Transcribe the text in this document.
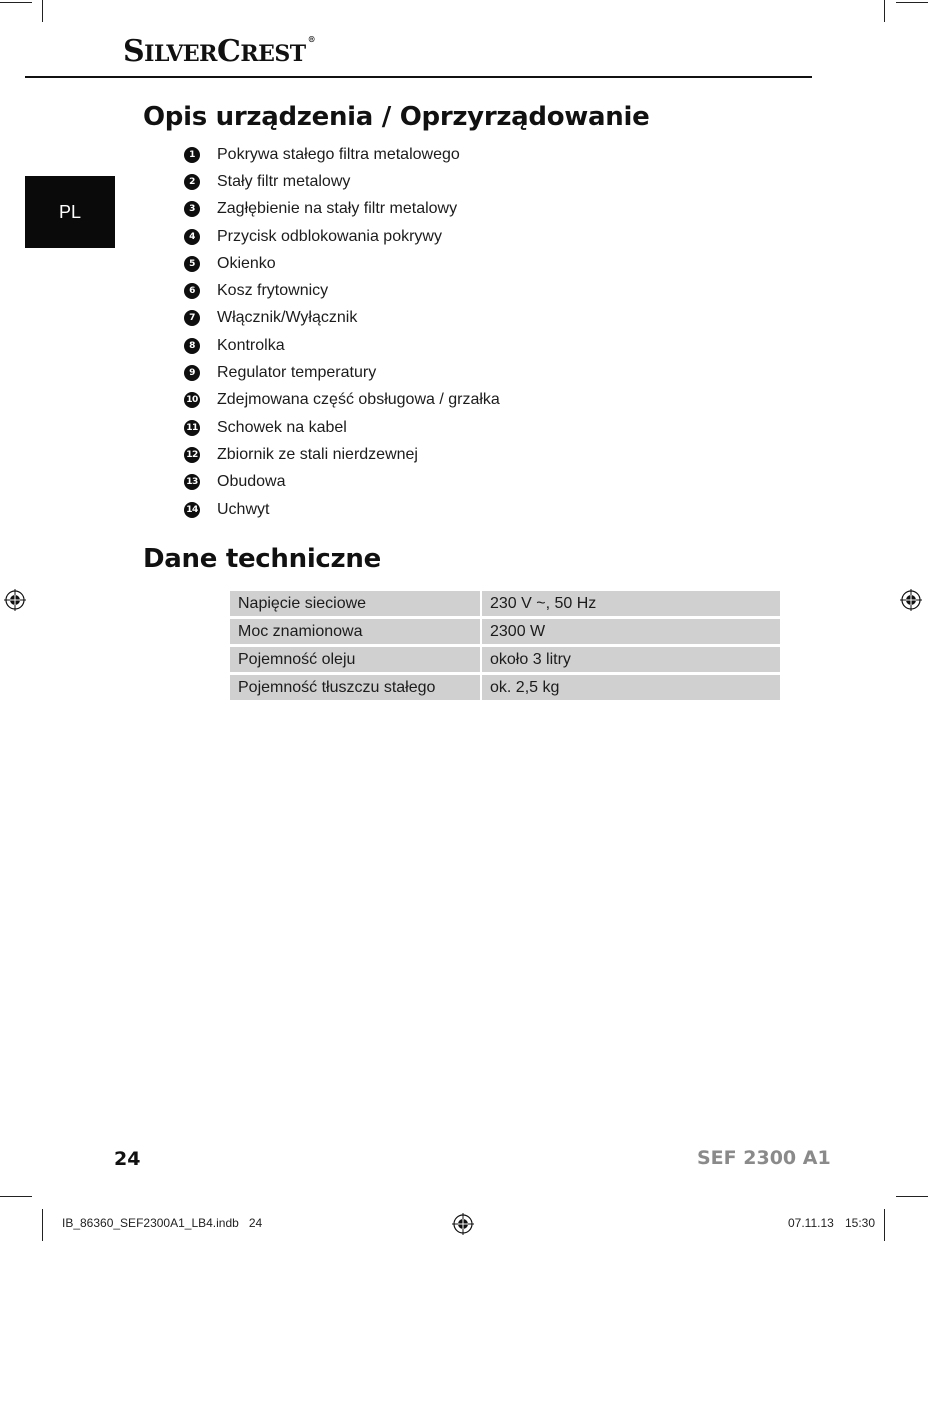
SILVERCREST®
PL
Opis urządzenia / Oprzyrządowanie
1	Pokrywa stałego filtra metalowego
2	Stały filtr metalowy
3	Zagłębienie na stały filtr metalowy
4	Przycisk odblokowania pokrywy
5	Okienko
6	Kosz frytownicy
7	Włącznik/Wyłącznik
8	Kontrolka
9	Regulator temperatury
10 Zdejmowana część obsługowa / grzałka
11 Schowek na kabel
12 Zbiornik ze stali nierdzewnej
13 Obudowa
14 Uchwyt
Dane techniczne
Napięcie sieciowe	230 V ~, 50 Hz
Moc znamionowa	2300 W
Pojemność oleju	około 3 litry
Pojemność tłuszczu stałego	ok. 2,5 kg
24	SEF 2300 A1
IB_86360_SEF2300A1_LB4.indb   24	07.11.13 15:30
